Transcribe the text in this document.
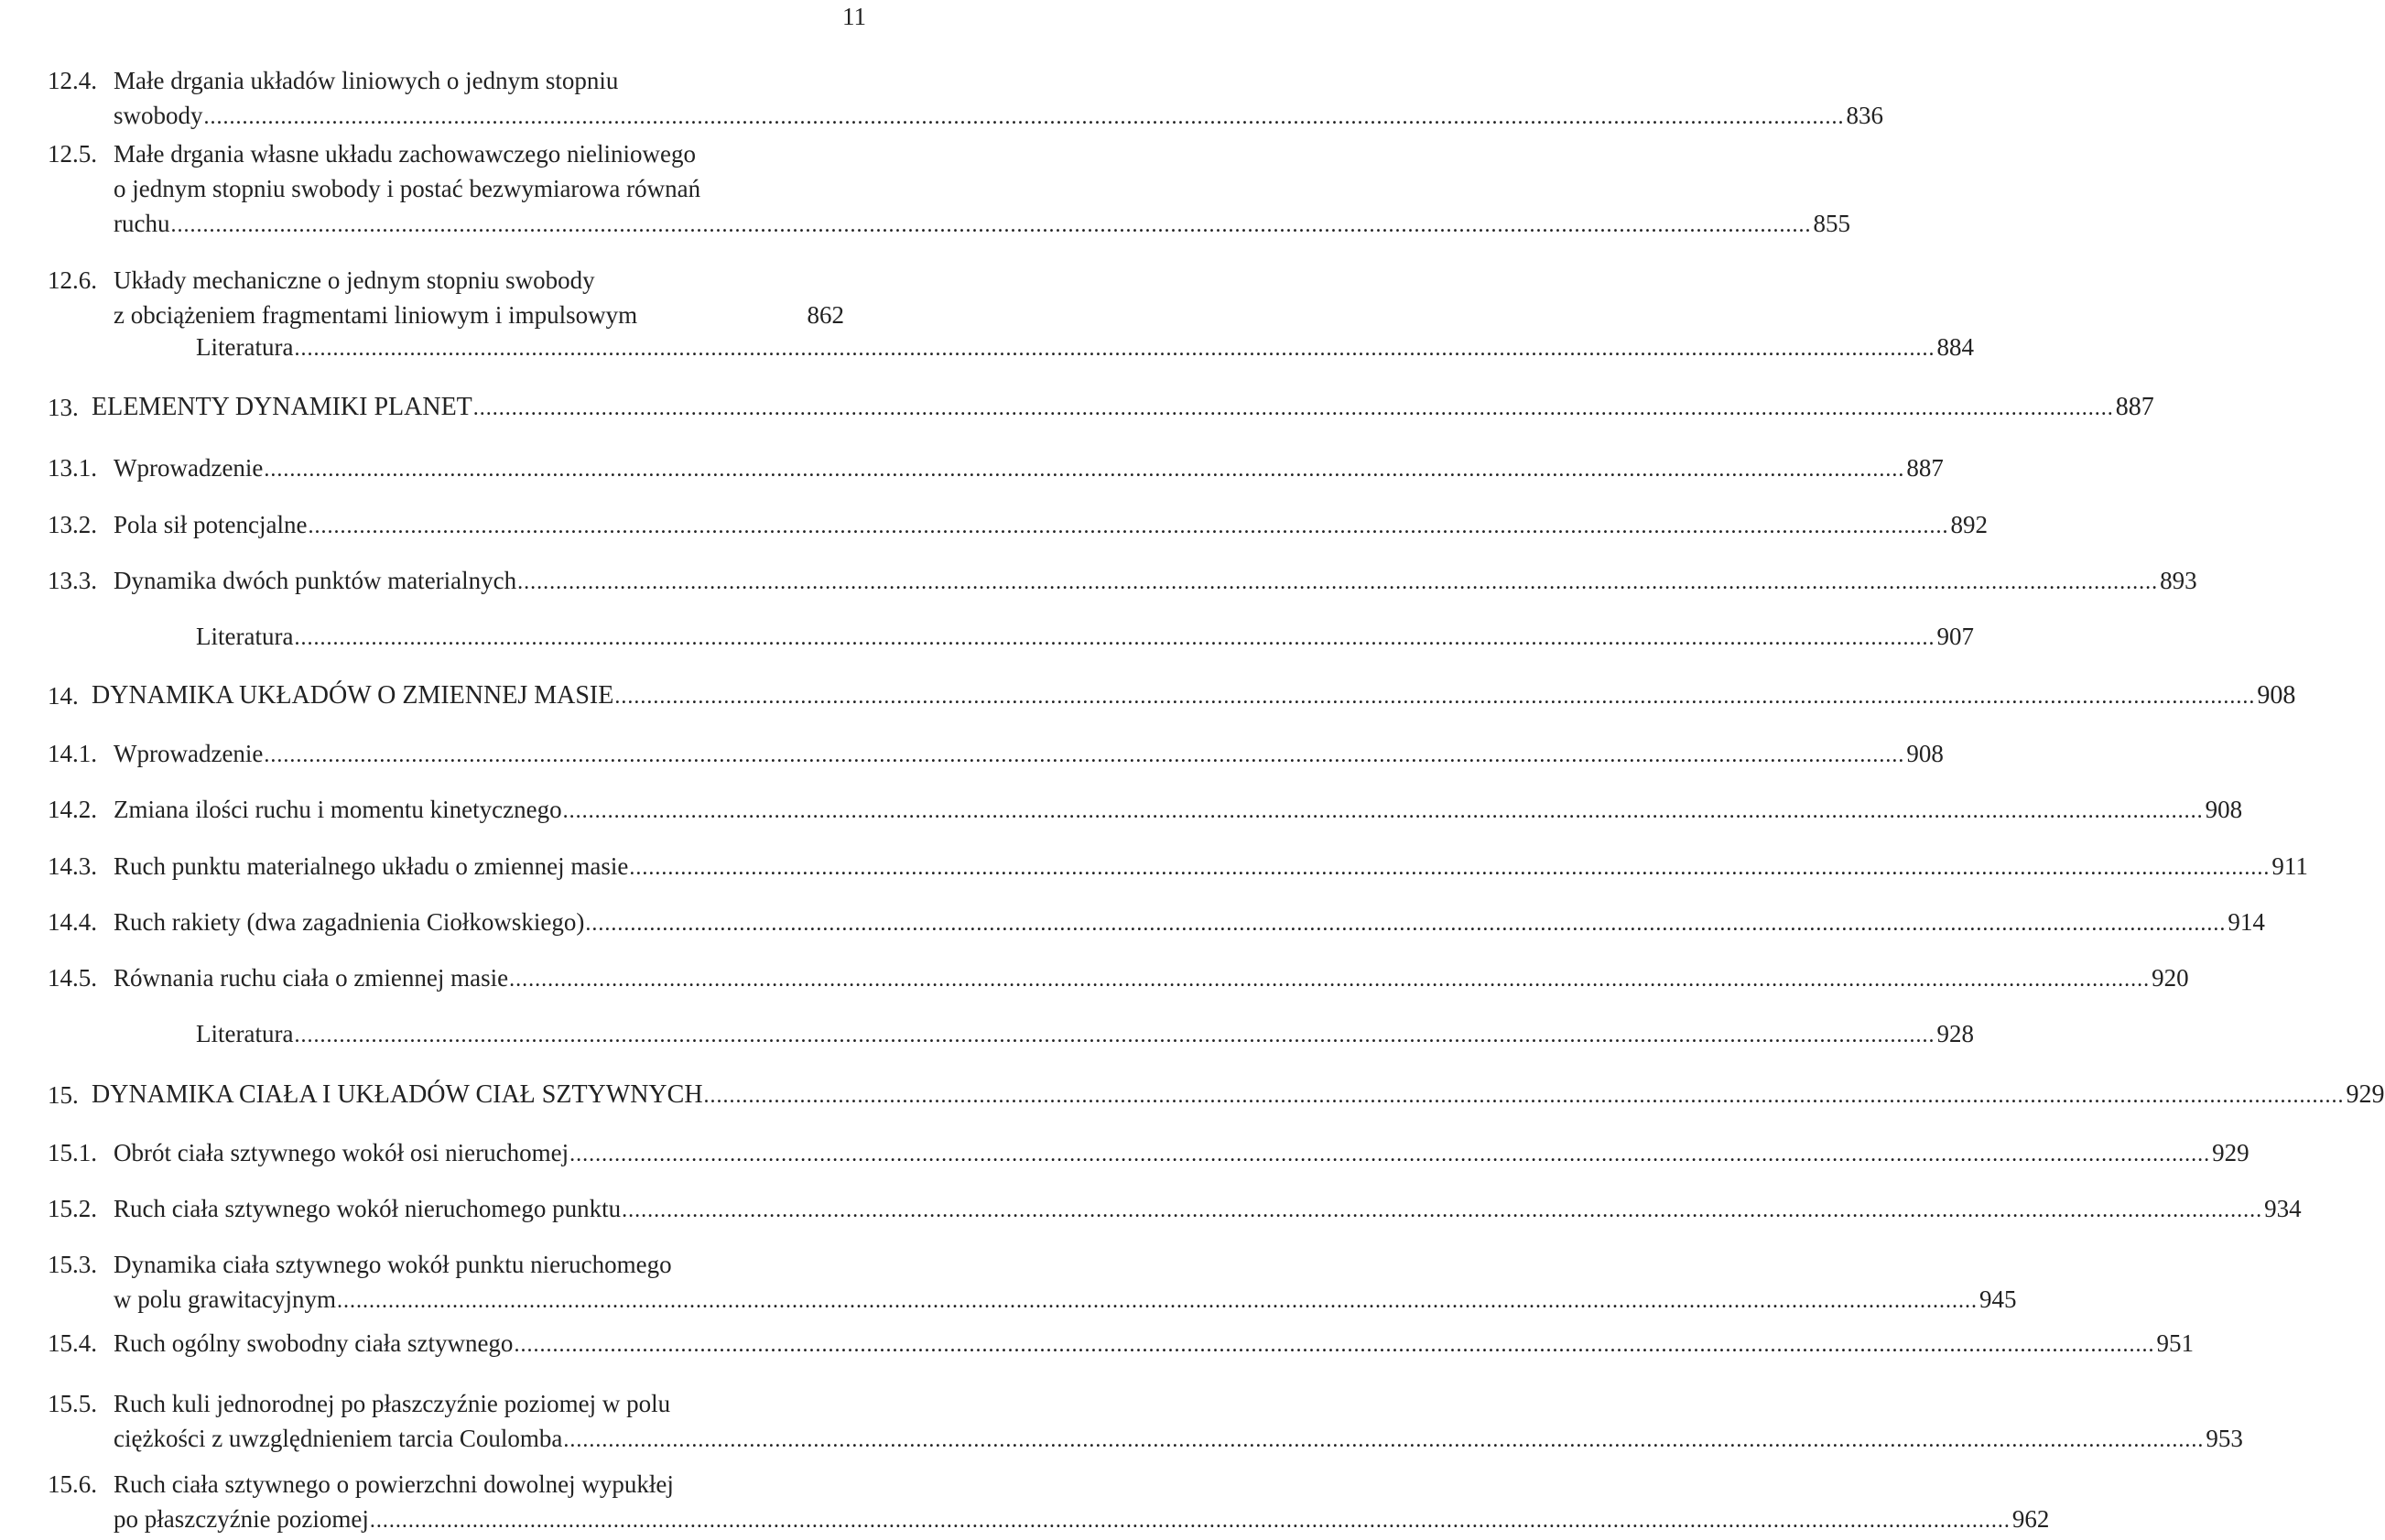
11
12.4. Małe drgania układów liniowych o jednym stopniu
swobody .....	836
12.5. Małe drgania własne układu zachowawczego nieliniowego
o jednym stopniu swobody i postać bezwymiarowa równań
ruchu .....	855
12.6. Układy mechaniczne o jednym stopniu swobody
z obciążeniem fragmentami liniowym i impulsowym	862
Literatura .....	884
13. ELEMENTY DYNAMIKI PLANET .....	887
13.1. Wprowadzenie .....	887
13.2. Pola sił potencjalne .....	892
13.3. Dynamika dwóch punktów materialnych .....	893
Literatura .....	907
14. DYNAMIKA UKŁADÓW O ZMIENNEJ MASIE .....	908
14.1. Wprowadzenie .....	908
14.2. Zmiana ilości ruchu i momentu kinetycznego .....	908
14.3. Ruch punktu materialnego układu o zmiennej masie .....	911
14.4. Ruch rakiety (dwa zagadnienia Ciołkowskiego) .....	914
14.5. Równania ruchu ciała o zmiennej masie .....	920
Literatura .....	928
15. DYNAMIKA CIAŁA I UKŁADÓW CIAŁ SZTYWNYCH .....	929
15.1. Obrót ciała sztywnego wokół osi nieruchomej .....	929
15.2. Ruch ciała sztywnego wokół nieruchomego punktu .....	934
15.3. Dynamika ciała sztywnego wokół punktu nieruchomego
w polu grawitacyjnym .....	945
15.4. Ruch ogólny swobodny ciała sztywnego .....	951
15.5. Ruch kuli jednorodnej po płaszczyźnie poziomej w polu
ciężkości z uwzględnieniem tarcia Coulomba .....	953
15.6. Ruch ciała sztywnego o powierzchni dowolnej wypukłej
po płaszczyźnie poziomej .....	962
